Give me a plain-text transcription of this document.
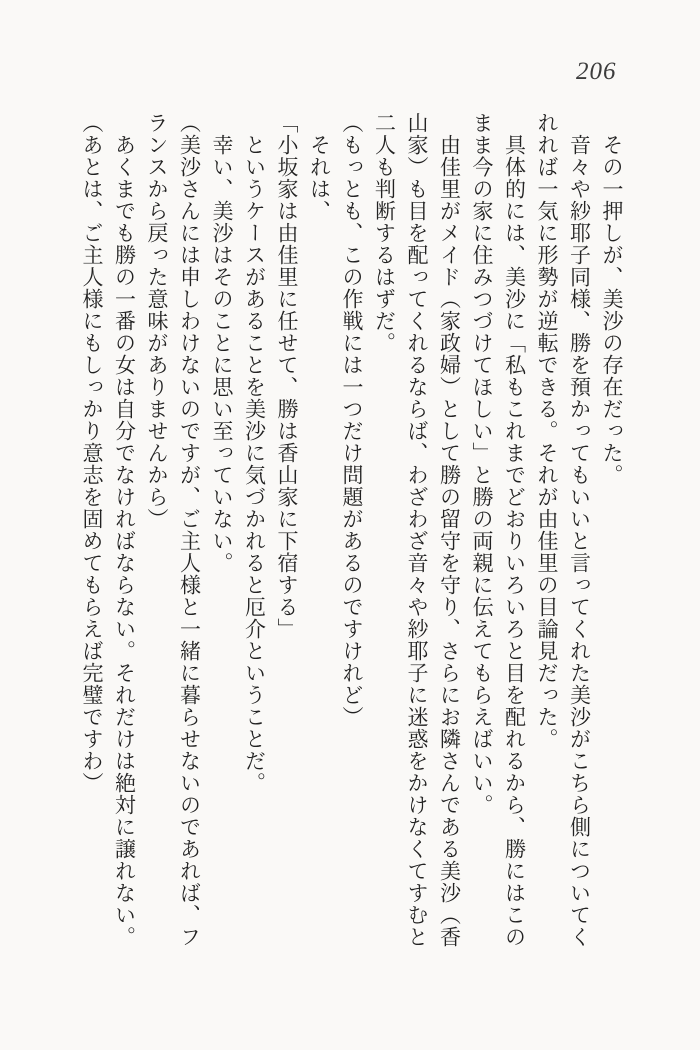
206
　その一押しが、美沙の存在だった。
　音々や紗耶子同様、勝を預かってもいいと言ってくれた美沙がこちら側についてく
れれば一気に形勢が逆転できる。それが由佳里の目論見だった。
　具体的には、美沙に「私もこれまでどおりいろいろと目を配れるから、勝にはこの
まま今の家に住みつづけてほしい」と勝の両親に伝えてもらえばいい。
　由佳里がメイド（家政婦）として勝の留守を守り、さらにお隣さんである美沙（香
山家）も目を配ってくれるならば、わざわざ音々や紗耶子に迷惑をかけなくてすむと
二人も判断するはずだ。
（もっとも、この作戦には一つだけ問題があるのですけれど）
　それは、
「小坂家は由佳里に任せて、勝は香山家に下宿する」
　というケースがあることを美沙に気づかれると厄介ということだ。
　幸い、美沙はそのことに思い至っていない。
（美沙さんには申しわけないのですが、ご主人様と一緒に暮らせないのであれば、フ
ランスから戻った意味がありませんから）
　あくまでも勝の一番の女は自分でなければならない。それだけは絶対に譲れない。
（あとは、ご主人様にもしっかり意志を固めてもらえば完璧ですわ）
